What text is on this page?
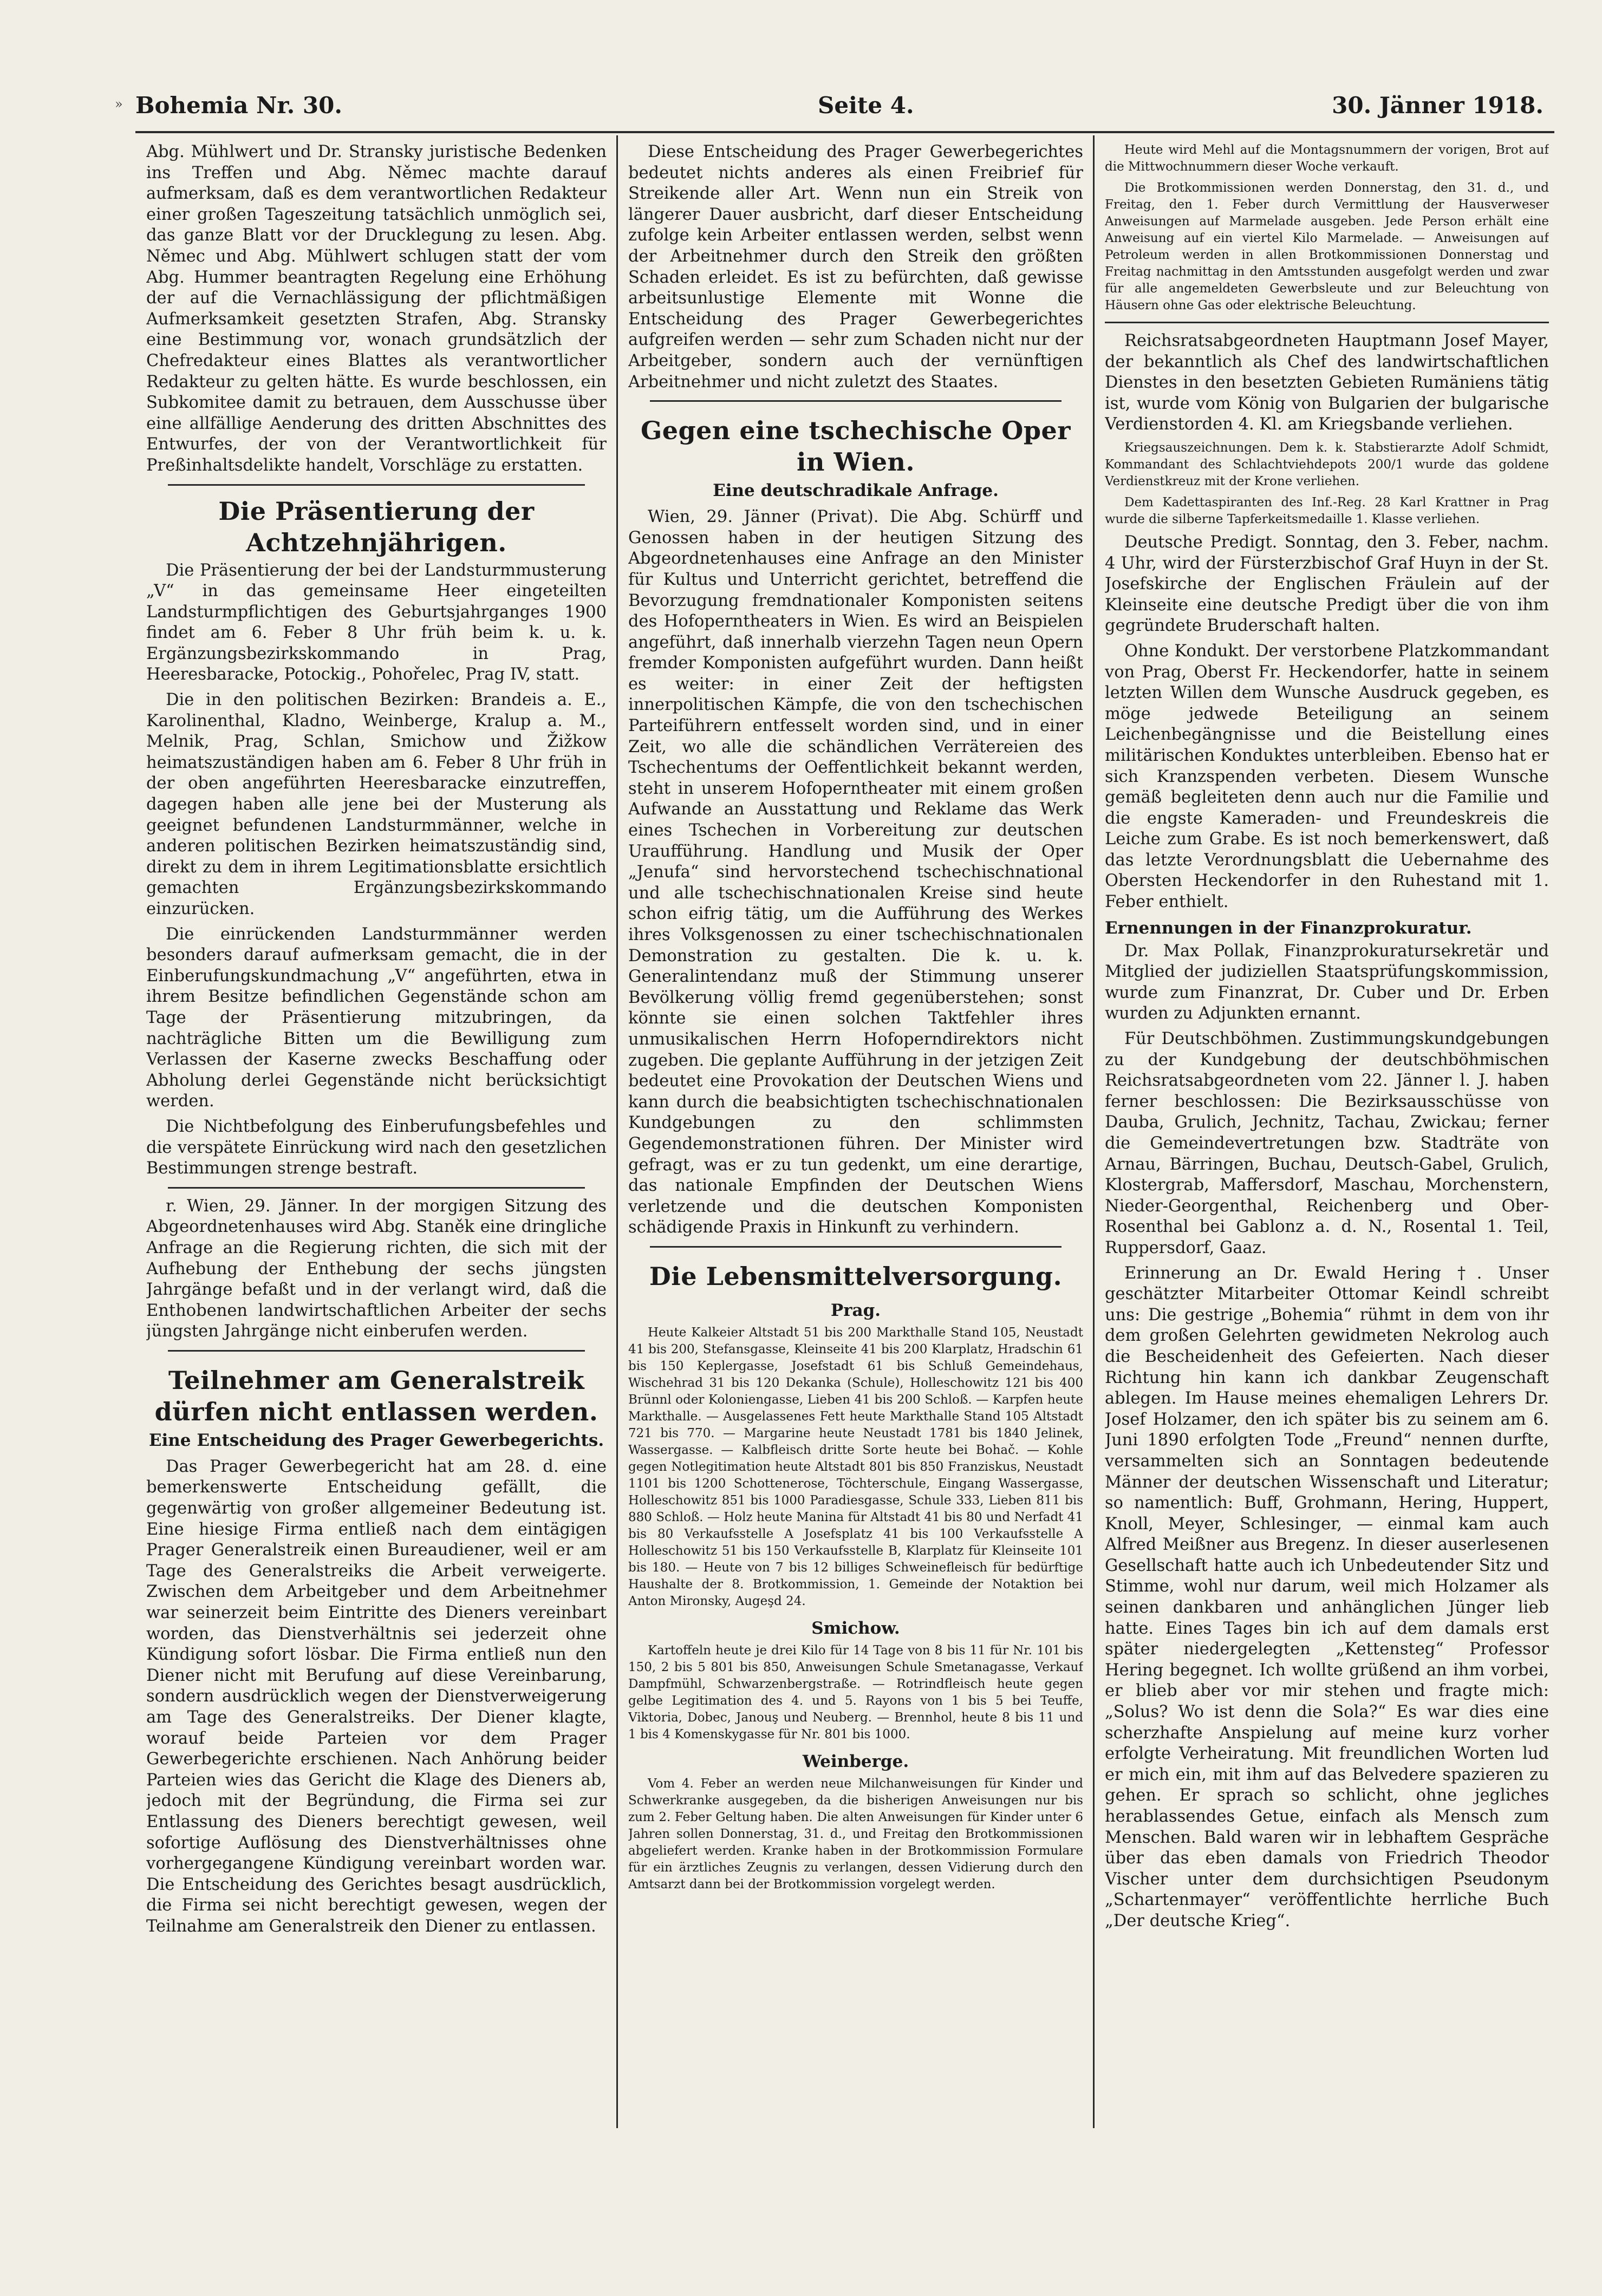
» Bohemia Nr. 30.	Seite 4.	30. Jänner 1918.

Abg. Mühlwert und Dr. Stransky juristische Bedenken ins Treffen und Abg. Němec machte darauf aufmerksam, daß es dem verantwortlichen Redakteur einer großen Tageszeitung tatsächlich unmöglich sei, das ganze Blatt vor der Drucklegung zu lesen. Abg. Němec und Abg. Mühlwert schlugen statt der vom Abg. Hummer beantragten Regelung eine Erhöhung der auf die Vernachlässigung der pflichtmäßigen Aufmerksamkeit gesetzten Strafen, Abg. Stransky eine Bestimmung vor, wonach grundsätzlich der Chefredakteur eines Blattes als verantwortlicher Redakteur zu gelten hätte. Es wurde beschlossen, ein Subkomitee damit zu betrauen, dem Ausschusse über eine allfällige Aenderung des dritten Abschnittes des Entwurfes, der von der Verantwortlichkeit für Preßinhaltsdelikte handelt, Vorschläge zu erstatten.

Die Präsentierung der Achtzehnjährigen.

Die Präsentierung der bei der Landsturmmusterung „V“ in das gemeinsame Heer eingeteilten Landsturmpflichtigen des Geburtsjahrganges 1900 findet am 6. Feber 8 Uhr früh beim k. u. k. Ergänzungsbezirkskommando in Prag, Heeresbaracke, Potockig., Pohořelec, Prag IV, statt.

Die in den politischen Bezirken: Brandeis a. E., Karolinenthal, Kladno, Weinberge, Kralup a. M., Melnik, Prag, Schlan, Smichow und Žižkow heimatszuständigen haben am 6. Feber 8 Uhr früh in der oben angeführten Heeresbaracke einzutreffen, dagegen haben alle jene bei der Musterung als geeignet befundenen Landsturmmänner, welche in anderen politischen Bezirken heimatszuständig sind, direkt zu dem in ihrem Legitimationsblatte ersichtlich gemachten Ergänzungsbezirkskommando einzurücken.

Die einrückenden Landsturmmänner werden besonders darauf aufmerksam gemacht, die in der Einberufungskundmachung „V“ angeführten, etwa in ihrem Besitze befindlichen Gegenstände schon am Tage der Präsentierung mitzubringen, da nachträgliche Bitten um die Bewilligung zum Verlassen der Kaserne zwecks Beschaffung oder Abholung derlei Gegenstände nicht berücksichtigt werden.

Die Nichtbefolgung des Einberufungsbefehles und die verspätete Einrückung wird nach den gesetzlichen Bestimmungen strenge bestraft.

r. Wien, 29. Jänner. In der morgigen Sitzung des Abgeordnetenhauses wird Abg. Staněk eine dringliche Anfrage an die Regierung richten, die sich mit der Aufhebung der Enthebung der sechs jüngsten Jahrgänge befaßt und in der verlangt wird, daß die Enthobenen landwirtschaftlichen Arbeiter der sechs jüngsten Jahrgänge nicht einberufen werden.

Teilnehmer am Generalstreik
dürfen nicht entlassen werden.
Eine Entscheidung des Prager Gewerbegerichts.

Das Prager Gewerbegericht hat am 28. d. eine bemerkenswerte Entscheidung gefällt, die gegenwärtig von großer allgemeiner Bedeutung ist. Eine hiesige Firma entließ nach dem eintägigen Prager Generalstreik einen Bureaudiener, weil er am Tage des Generalstreiks die Arbeit verweigerte. Zwischen dem Arbeitgeber und dem Arbeitnehmer war seinerzeit beim Eintritte des Dieners vereinbart worden, das Dienstverhältnis sei jederzeit ohne Kündigung sofort lösbar. Die Firma entließ nun den Diener nicht mit Berufung auf diese Vereinbarung, sondern ausdrücklich wegen der Dienstverweigerung am Tage des Generalstreiks. Der Diener klagte, worauf beide Parteien vor dem Prager Gewerbegerichte erschienen. Nach Anhörung beider Parteien wies das Gericht die Klage des Dieners ab, jedoch mit der Begründung, die Firma sei zur Entlassung des Dieners berechtigt gewesen, weil sofortige Auflösung des Dienstverhältnisses ohne vorhergegangene Kündigung vereinbart worden war. Die Entscheidung des Gerichtes besagt ausdrücklich, die Firma sei nicht berechtigt gewesen, wegen der Teilnahme am Generalstreik den Diener zu entlassen.

Diese Entscheidung des Prager Gewerbegerichtes bedeutet nichts anderes als einen Freibrief für Streikende aller Art. Wenn nun ein Streik von längerer Dauer ausbricht, darf dieser Entscheidung zufolge kein Arbeiter entlassen werden, selbst wenn der Arbeitnehmer durch den Streik den größten Schaden erleidet. Es ist zu befürchten, daß gewisse arbeitsunlustige Elemente mit Wonne die Entscheidung des Prager Gewerbegerichtes aufgreifen werden — sehr zum Schaden nicht nur der Arbeitgeber, sondern auch der vernünftigen Arbeitnehmer und nicht zuletzt des Staates.

Gegen eine tschechische Oper in Wien.
Eine deutschradikale Anfrage.

Wien, 29. Jänner (Privat). Die Abg. Schürff und Genossen haben in der heutigen Sitzung des Abgeordnetenhauses eine Anfrage an den Minister für Kultus und Unterricht gerichtet, betreffend die Bevorzugung fremdnationaler Komponisten seitens des Hofoperntheaters in Wien. Es wird an Beispielen angeführt, daß innerhalb vierzehn Tagen neun Opern fremder Komponisten aufgeführt wurden. Dann heißt es weiter: in einer Zeit der heftigsten innerpolitischen Kämpfe, die von den tschechischen Parteiführern entfesselt worden sind, und in einer Zeit, wo alle die schändlichen Verrätereien des Tschechentums der Oeffentlichkeit bekannt werden, steht in unserem Hofoperntheater mit einem großen Aufwande an Ausstattung und Reklame das Werk eines Tschechen in Vorbereitung zur deutschen Uraufführung. Handlung und Musik der Oper „Jenufa“ sind hervorstechend tschechischnational und alle tschechischnationalen Kreise sind heute schon eifrig tätig, um die Aufführung des Werkes ihres Volksgenossen zu einer tschechischnationalen Demonstration zu gestalten. Die k. u. k. Generalintendanz muß der Stimmung unserer Bevölkerung völlig fremd gegenüberstehen; sonst könnte sie einen solchen Taktfehler ihres unmusikalischen Herrn Hofoperndirektors nicht zugeben. Die geplante Aufführung in der jetzigen Zeit bedeutet eine Provokation der Deutschen Wiens und kann durch die beabsichtigten tschechischnationalen Kundgebungen zu den schlimmsten Gegendemonstrationen führen. Der Minister wird gefragt, was er zu tun gedenkt, um eine derartige, das nationale Empfinden der Deutschen Wiens verletzende und die deutschen Komponisten schädigende Praxis in Hinkunft zu verhindern.

Die Lebensmittelversorgung.
Prag.

Heute Kalkeier Altstadt 51 bis 200 Markthalle Stand 105, Neustadt 41 bis 200, Stefansgasse, Kleinseite 41 bis 200 Klarplatz, Hradschin 61 bis 150 Keplergasse, Josefstadt 61 bis Schluß Gemeindehaus, Wischehrad 31 bis 120 Dekanka (Schule), Holleschowitz 121 bis 400 Brünnl oder Koloniengasse, Lieben 41 bis 200 Schloß. — Karpfen heute Markthalle. — Ausgelassenes Fett heute Markthalle Stand 105 Altstadt 721 bis 770. — Margarine heute Neustadt 1781 bis 1840 Jelinek, Wassergasse. — Kalbfleisch dritte Sorte heute bei Bohač. — Kohle gegen Notlegitimation heute Altstadt 801 bis 850 Franziskus, Neustadt 1101 bis 1200 Schottenerose, Töchterschule, Eingang Wassergasse, Holleschowitz 851 bis 1000 Paradiesgasse, Schule 333, Lieben 811 bis 880 Schloß. — Holz heute Manina für Altstadt 41 bis 80 und Nerfadt 41 bis 80 Verkaufsstelle A Josefsplatz 41 bis 100 Verkaufsstelle A Holleschowitz 51 bis 150 Verkaufsstelle B, Klarplatz für Kleinseite 101 bis 180. — Heute von 7 bis 12 billiges Schweinefleisch für bedürftige Haushalte der 8. Brotkommission, 1. Gemeinde der Notaktion bei Anton Mironsky, Augeşd 24.

Smichow.

Kartoffeln heute je drei Kilo für 14 Tage von 8 bis 11 für Nr. 101 bis 150, 2 bis 5 801 bis 850, Anweisungen Schule Smetanagasse, Verkauf Dampfmühl, Schwarzenbergstraße. — Rotrindfleisch heute gegen gelbe Legitimation des 4. und 5. Rayons von 1 bis 5 bei Teuffe, Viktoria, Dobec, Janouş und Neuberg. — Brennhol, heute 8 bis 11 und 1 bis 4 Komenskygasse für Nr. 801 bis 1000.

Weinberge.

Vom 4. Feber an werden neue Milchanweisungen für Kinder und Schwerkranke ausgegeben, da die bisherigen Anweisungen nur bis zum 2. Feber Geltung haben. Die alten Anweisungen für Kinder unter 6 Jahren sollen Donnerstag, 31. d., und Freitag den Brotkommissionen abgeliefert werden. Kranke haben in der Brotkommission Formulare für ein ärztliches Zeugnis zu verlangen, dessen Vidierung durch den Amtsarzt dann bei der Brotkommission vorgelegt werden.

Heute wird Mehl auf die Montagsnummern der vorigen, Brot auf die Mittwochnummern dieser Woche verkauft.

Die Brotkommissionen werden Donnerstag, den 31. d., und Freitag, den 1. Feber durch Vermittlung der Hausverweser Anweisungen auf Marmelade ausgeben. Jede Person erhält eine Anweisung auf ein viertel Kilo Marmelade. — Anweisungen auf Petroleum werden in allen Brotkommissionen Donnerstag und Freitag nachmittag in den Amtsstunden ausgefolgt werden und zwar für alle angemeldeten Gewerbsleute und zur Beleuchtung von Häusern ohne Gas oder elektrische Beleuchtung.

Reichsratsabgeordneten Hauptmann Josef Mayer, der bekanntlich als Chef des landwirtschaftlichen Dienstes in den besetzten Gebieten Rumäniens tätig ist, wurde vom König von Bulgarien der bulgarische Verdienstorden 4. Kl. am Kriegsbande verliehen.

Kriegsauszeichnungen. Dem k. k. Stabstierarzte Adolf Schmidt, Kommandant des Schlachtviehdepots 200/1 wurde das goldene Verdienstkreuz mit der Krone verliehen.

Dem Kadettaspiranten des Inf.-Reg. 28 Karl Krattner in Prag wurde die silberne Tapferkeitsmedaille 1. Klasse verliehen.

Deutsche Predigt. Sonntag, den 3. Feber, nachm. 4 Uhr, wird der Fürsterzbischof Graf Huyn in der St. Josefskirche der Englischen Fräulein auf der Kleinseite eine deutsche Predigt über die von ihm gegründete Bruderschaft halten.

Ohne Kondukt. Der verstorbene Platzkommandant von Prag, Oberst Fr. Heckendorfer, hatte in seinem letzten Willen dem Wunsche Ausdruck gegeben, es möge jedwede Beteiligung an seinem Leichenbegängnisse und die Beistellung eines militärischen Konduktes unterbleiben. Ebenso hat er sich Kranzspenden verbeten. Diesem Wunsche gemäß begleiteten denn auch nur die Familie und die engste Kameraden- und Freundeskreis die Leiche zum Grabe. Es ist noch bemerkenswert, daß das letzte Verordnungsblatt die Uebernahme des Obersten Heckendorfer in den Ruhestand mit 1. Feber enthielt.

Ernennungen in der Finanzprokuratur.

Dr. Max Pollak, Finanzprokuratursekretär und Mitglied der judiziellen Staatsprüfungskommission, wurde zum Finanzrat, Dr. Cuber und Dr. Erben wurden zu Adjunkten ernannt.

Für Deutschböhmen. Zustimmungskundgebungen zu der Kundgebung der deutschböhmischen Reichsratsabgeordneten vom 22. Jänner l. J. haben ferner beschlossen: Die Bezirksausschüsse von Dauba, Grulich, Jechnitz, Tachau, Zwickau; ferner die Gemeindevertretungen bzw. Stadträte von Arnau, Bärringen, Buchau, Deutsch-Gabel, Grulich, Klostergrab, Maffersdorf, Maschau, Morchenstern, Nieder-Georgenthal, Reichenberg und Ober-Rosenthal bei Gablonz a. d. N., Rosental 1. Teil, Ruppersdorf, Gaaz.

Erinnerung an Dr. Ewald Hering †. Unser geschätzter Mitarbeiter Ottomar Keindl schreibt uns: Die gestrige „Bohemia“ rühmt in dem von ihr dem großen Gelehrten gewidmeten Nekrolog auch die Bescheidenheit des Gefeierten. Nach dieser Richtung hin kann ich dankbar Zeugenschaft ablegen. Im Hause meines ehemaligen Lehrers Dr. Josef Holzamer, den ich später bis zu seinem am 6. Juni 1890 erfolgten Tode „Freund“ nennen durfte, versammelten sich an Sonntagen bedeutende Männer der deutschen Wissenschaft und Literatur; so namentlich: Buff, Grohmann, Hering, Huppert, Knoll, Meyer, Schlesinger, — einmal kam auch Alfred Meißner aus Bregenz. In dieser auserlesenen Gesellschaft hatte auch ich Unbedeutender Sitz und Stimme, wohl nur darum, weil mich Holzamer als seinen dankbaren und anhänglichen Jünger lieb hatte. Eines Tages bin ich auf dem damals erst später niedergelegten „Kettensteg“ Professor Hering begegnet. Ich wollte grüßend an ihm vorbei, er blieb aber vor mir stehen und fragte mich: „Solus? Wo ist denn die Sola?“ Es war dies eine scherzhafte Anspielung auf meine kurz vorher erfolgte Verheiratung. Mit freundlichen Worten lud er mich ein, mit ihm auf das Belvedere spazieren zu gehen. Er sprach so schlicht, ohne jegliches herablassendes Getue, einfach als Mensch zum Menschen. Bald waren wir in lebhaftem Gespräche über das eben damals von Friedrich Theodor Vischer unter dem durchsichtigen Pseudonym „Schartenmayer“ veröffentlichte herrliche Buch „Der deutsche Krieg“.
